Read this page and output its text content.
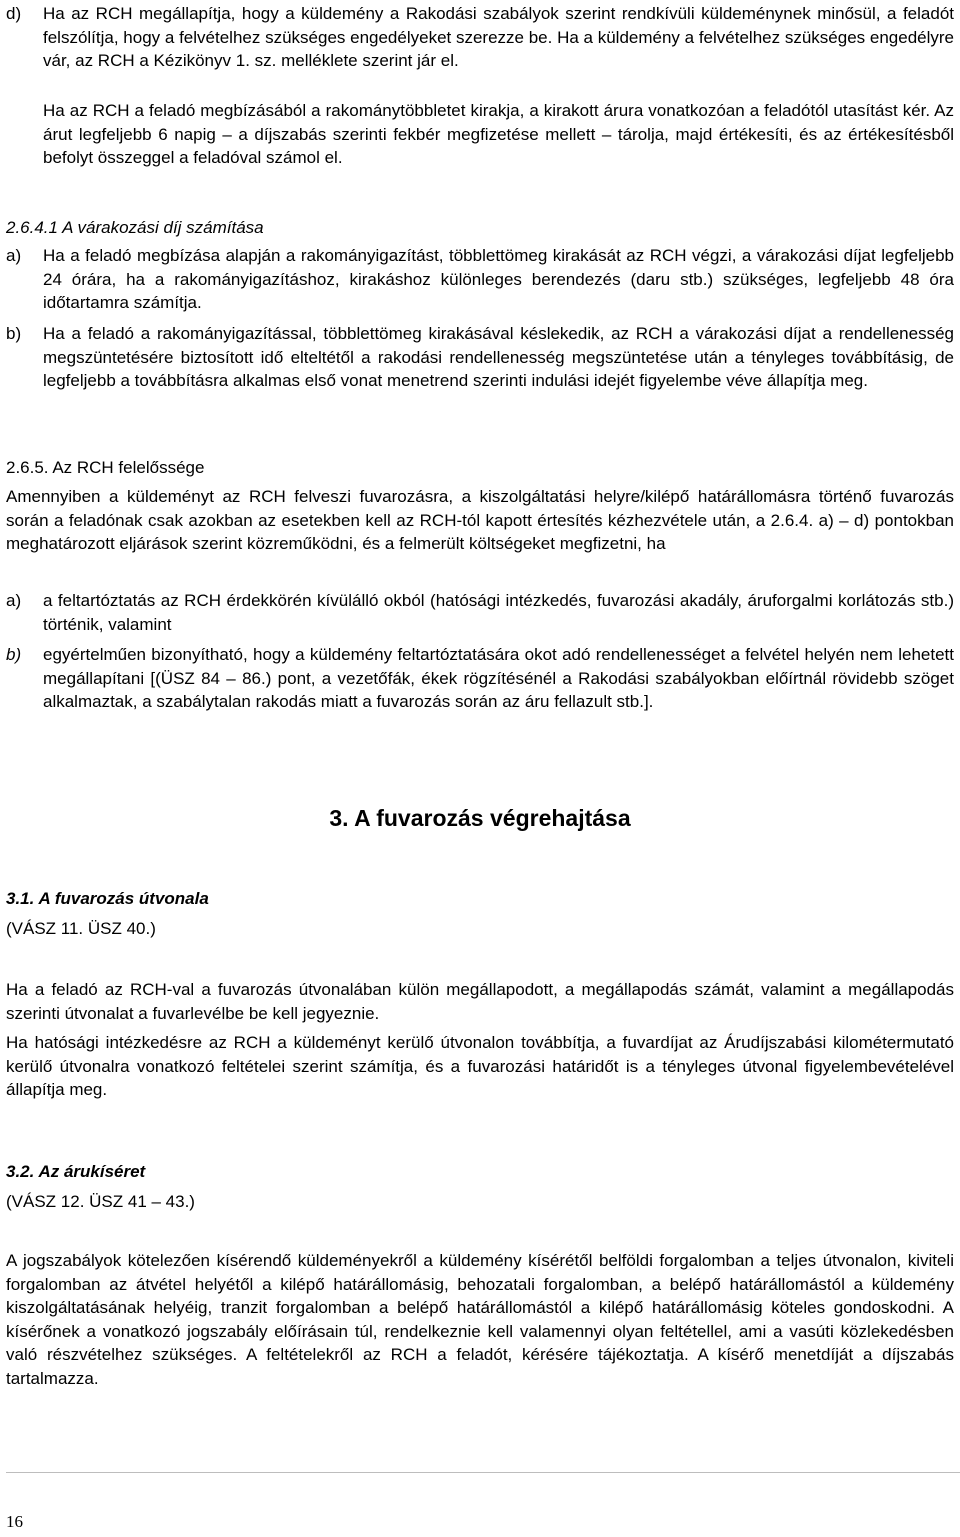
d)	Ha az RCH megállapítja, hogy a küldemény a Rakodási szabályok szerint rendkívüli küldeménynek minősül, a feladót felszólítja, hogy a felvételhez szükséges engedélyeket szerezze be. Ha a küldemény a felvételhez szükséges engedélyre vár, az RCH a Kézikönyv 1. sz. melléklete szerint jár el.
Ha az RCH a feladó megbízásából a rakománytöbbletet kirakja, a kirakott árura vonatkozóan a feladótól utasítást kér. Az árut legfeljebb 6 napig – a díjszabás szerinti fekbér megfizetése mellett – tárolja, majd értékesíti, és az értékesítésből befolyt összeggel a feladóval számol el.
2.6.4.1 A várakozási díj számítása
a)	Ha a feladó megbízása alapján a rakományigazítást, többlettömeg kirakását az RCH végzi, a várakozási díjat legfeljebb 24 órára, ha a rakományigazításhoz, kirakáshoz különleges berendezés (daru stb.) szükséges, legfeljebb 48 óra időtartamra számítja.
b)	Ha a feladó a rakományigazítással, többlettömeg kirakásával késlekedik, az RCH a várakozási díjat a rendellenesség megszüntetésére biztosított idő elteltétől a rakodási rendellenesség megszüntetése után a tényleges továbbításig, de legfeljebb a továbbításra alkalmas első vonat menetrend szerinti indulási idejét figyelembe véve állapítja meg.
2.6.5. Az RCH felelőssége
Amennyiben a küldeményt az RCH felveszi fuvarozásra, a kiszolgáltatási helyre/kilépő határállomásra történő fuvarozás során a feladónak csak azokban az esetekben kell az RCH-tól kapott értesítés kézhezvétele után, a 2.6.4. a) – d) pontokban meghatározott eljárások szerint közreműködni, és a felmerült költségeket megfizetni, ha
a)	a feltartóztatás az RCH érdekkörén kívülálló okból (hatósági intézkedés, fuvarozási akadály, áruforgalmi korlátozás stb.) történik, valamint
b)	egyértelműen bizonyítható, hogy a küldemény feltartóztatására okot adó rendellenességet a felvétel helyén nem lehetett megállapítani [(ÜSZ 84 – 86.) pont, a vezetőfák, ékek rögzítésénél a Rakodási szabályokban előírtnál rövidebb szöget alkalmaztak, a szabálytalan rakodás miatt a fuvarozás során az áru fellazult stb.].
3. A fuvarozás végrehajtása
3.1. A fuvarozás útvonala
(VÁSZ 11. ÜSZ 40.)
Ha a feladó az RCH-val a fuvarozás útvonalában külön megállapodott, a megállapodás számát, valamint a megállapodás szerinti útvonalat a fuvarlevélbe be kell jegyeznie.
Ha hatósági intézkedésre az RCH a küldeményt kerülő útvonalon továbbítja, a fuvardíjat az Árudíjszabási kilométermutató kerülő útvonalra vonatkozó feltételei szerint számítja, és a fuvarozási határidőt is a tényleges útvonal figyelembevételével állapítja meg.
3.2. Az árukíséret
(VÁSZ 12. ÜSZ 41 – 43.)
A jogszabályok kötelezően kísérendő küldeményekről a küldemény kísérétől belföldi forgalomban a teljes útvonalon, kiviteli forgalomban az átvétel helyétől a kilépő határállomásig, behozatali forgalomban, a belépő határállomástól a küldemény kiszolgáltatásának helyéig, tranzit forgalomban a belépő határállomástól a kilépő határállomásig köteles gondoskodni. A kísérőnek a vonatkozó jogszabály előírásain túl, rendelkeznie kell valamennyi olyan feltétellel, ami a vasúti közlekedésben való részvételhez szükséges. A feltételekről az RCH a feladót, kérésére tájékoztatja. A kísérő menetdíját a díjszabás tartalmazza.
16
